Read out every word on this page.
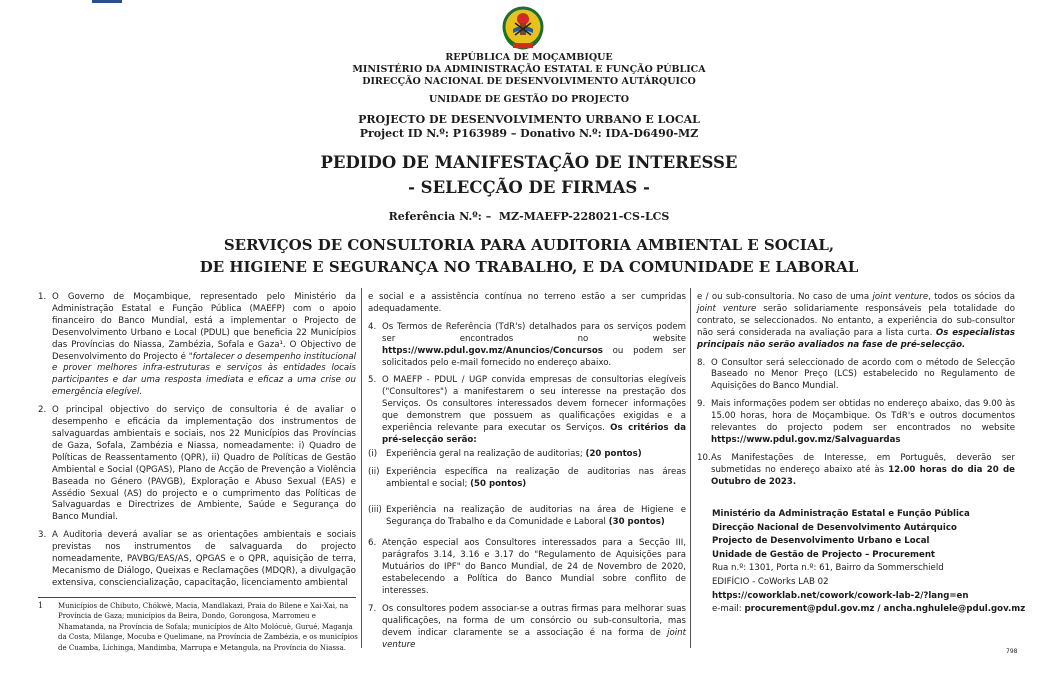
REPÚBLICA DE MOÇAMBIQUE
MINISTÉRIO DA ADMINISTRAÇÃO ESTATAL E FUNÇÃO PÚBLICA
DIRECÇÃO NACIONAL DE DESENVOLVIMENTO AUTÁRQUICO
UNIDADE DE GESTÃO DO PROJECTO
PROJECTO DE DESENVOLVIMENTO URBANO E LOCAL
Project ID N.º: P163989 – Donativo N.º: IDA-D6490-MZ
PEDIDO DE MANIFESTAÇÃO DE INTERESSE
- SELECÇÃO DE FIRMAS -
Referência N.º: – MZ-MAEFP-228021-CS-LCS
SERVIÇOS DE CONSULTORIA PARA AUDITORIA AMBIENTAL E SOCIAL,
DE HIGIENE E SEGURANÇA NO TRABALHO, E DA COMUNIDADE E LABORAL
1. O Governo de Moçambique, representado pelo Ministério da Administração Estatal e Função Pública (MAEFP) com o apoio financeiro do Banco Mundial, está a implementar o Projecto de Desenvolvimento Urbano e Local (PDUL) que beneficia 22 Municípios das Províncias do Niassa, Zambézia, Sofala e Gaza¹. O Objectivo de Desenvolvimento do Projecto é "fortalecer o desempenho institucional e prover melhores infra-estruturas e serviços às entidades locais participantes e dar uma resposta imediata e eficaz a uma crise ou emergência elegível.
2. O principal objectivo do serviço de consultoria é de avaliar o desempenho e eficácia da implementação dos instrumentos de salvaguardas ambientais e sociais, nos 22 Municípios das Províncias de Gaza, Sofala, Zambézia e Niassa, nomeadamente: i) Quadro de Políticas de Reassentamento (QPR), ii) Quadro de Políticas de Gestão Ambiental e Social (QPGAS), Plano de Acção de Prevenção a Violência Baseada no Género (PAVGB), Exploração e Abuso Sexual (EAS) e Assédio Sexual (AS) do projecto e o cumprimento das Políticas de Salvaguardas e Directrizes de Ambiente, Saúde e Segurança do Banco Mundial.
3. A Auditoria deverá avaliar se as orientações ambientais e sociais previstas nos instrumentos de salvaguarda do projecto nomeadamente, PAVBG/EAS/AS, QPGAS e o QPR, aquisição de terra, Mecanismo de Diálogo, Queixas e Reclamações (MDQR), a divulgação extensiva, consciencialização, capacitação, licenciamento ambiental
1	Municípios de Chibuto, Chókwè, Macia, Mandlakazi, Praia do Bilene e Xai-Xai, na Província de Gaza; municípios da Beira, Dondo, Gorongosa, Marromeu e Nhamatanda, na Província de Sofala; municípios de Alto Molócuè, Gurué, Maganja da Costa, Milange, Mocuba e Quelimane, na Província de Zambézia, e os municípios de Cuamba, Lichinga, Mandimba, Marrupa e Metangula, na Província do Niassa.
e social e a assistência contínua no terreno estão a ser cumpridas adequadamente.
4. Os Termos de Referência (TdR's) detalhados para os serviços podem ser encontrados no website https://www.pdul.gov.mz/Anuncios/Concursos ou podem ser solicitados pelo e-mail fornecido no endereço abaixo.
5. O MAEFP - PDUL / UGP convida empresas de consultorias elegíveis ("Consultores") a manifestarem o seu interesse na prestação dos Serviços. Os consultores interessados devem fornecer informações que demonstrem que possuem as qualificações exigidas e a experiência relevante para executar os Serviços. Os critérios da pré-selecção serão:
(i)	Experiência geral na realização de auditorias; (20 pontos)
(ii) Experiência específica na realização de auditorias nas áreas ambiental e social; (50 pontos)
(iii) Experiência na realização de auditorias na área de Higiene e Segurança do Trabalho e da Comunidade e Laboral (30 pontos)
6. Atenção especial aos Consultores interessados para a Secção III, parágrafos 3.14, 3.16 e 3.17 do "Regulamento de Aquisições para Mutuários do IPF" do Banco Mundial, de 24 de Novembro de 2020, estabelecendo a Política do Banco Mundial sobre conflito de interesses.
7. Os consultores podem associar-se a outras firmas para melhorar suas qualificações, na forma de um consórcio ou sub-consultoria, mas devem indicar claramente se a associação é na forma de joint venture
e / ou sub-consultoria. No caso de uma joint venture, todos os sócios da joint venture serão solidariamente responsáveis pela totalidade do contrato, se seleccionados. No entanto, a experiência do sub-consultor não será considerada na avaliação para a lista curta. Os especialistas principais não serão avaliados na fase de pré-selecção.
8. O Consultor será seleccionado de acordo com o método de Selecção Baseado no Menor Preço (LCS) estabelecido no Regulamento de Aquisições do Banco Mundial.
9. Mais informações podem ser obtidas no endereço abaixo, das 9.00 às 15.00 horas, hora de Moçambique. Os TdR's e outros documentos relevantes do projecto podem ser encontrados no website https://www.pdul.gov.mz/Salvaguardas
10. As Manifestações de Interesse, em Português, deverão ser submetidas no endereço abaixo até às 12.00 horas do dia 20 de Outubro de 2023.
Ministério da Administração Estatal e Função Pública
Direcção Nacional de Desenvolvimento Autárquico
Projecto de Desenvolvimento Urbano e Local
Unidade de Gestão de Projecto – Procurement
Rua n.º: 1301, Porta n.º: 61, Bairro da Sommerschield
EDIFÍCIO - CoWorks LAB 02
https://coworklab.net/cowork/cowork-lab-2/?lang=en
e-mail: procurement@pdul.gov.mz / ancha.nghulele@pdul.gov.mz
798
